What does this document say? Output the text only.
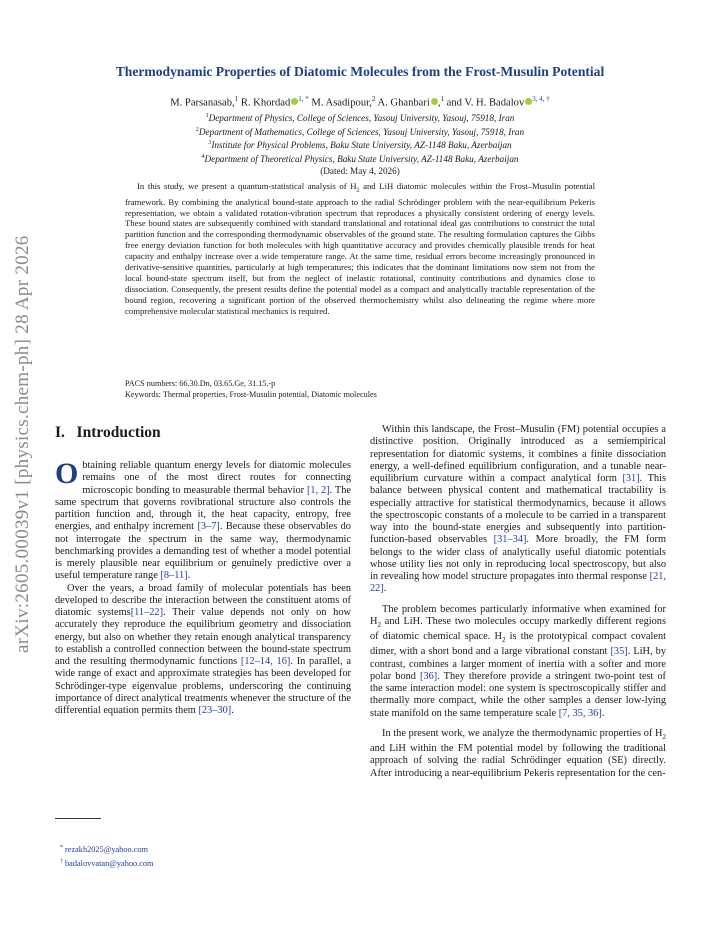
arXiv:2605.00039v1 [physics.chem-ph] 28 Apr 2026
Thermodynamic Properties of Diatomic Molecules from the Frost-Musulin Potential
M. Parsanasab,$^1$ R. Khordad $^{1, *}$ M. Asadipour,$^2$ A. Ghanbari ,$^1$ and V. H. Badalov $^{3, 4, \dagger}$
$^1$Department of Physics, College of Sciences, Yasouj University, Yasouj, 75918, Iran
$^2$Department of Mathematics, College of Sciences, Yasouj University, Yasouj, 75918, Iran
$^3$Institute for Physical Problems, Baku State University, AZ-1148 Baku, Azerbaijan
$^4$Department of Theoretical Physics, Baku State University, AZ-1148 Baku, Azerbaijan
(Dated: May 4, 2026)

In this study, we present a quantum-statistical analysis of $H_2$ and LiH diatomic molecules within the Frost–Musulin potential framework. By combining the analytical bound-state approach to the radial Schrödinger problem with the near-equilibrium Pekeris representation, we obtain a validated rotation-vibration spectrum that reproduces a physically consistent ordering of energy levels. These bound states are subsequently combined with standard translational and rotational ideal gas contributions to construct the total partition function and the corresponding thermodynamic observables of the ground state. The resulting formulation captures the Gibbs free energy deviation function for both molecules with high quantitative accuracy and provides chemically plausible trends for heat capacity and enthalpy increase over a wide temperature range. At the same time, residual errors become increasingly pronounced in derivative-sensitive quantities, particularly at high temperatures; this indicates that the dominant limitations now stem not from the local bound-state spectrum itself, but from the neglect of inelastic rotational, continuity contributions and dynamics close to dissociation. Consequently, the present results define the potential model as a compact and analytically tractable representation of the bound region, recovering a significant portion of the observed thermochemistry whilst also delineating the regime where more comprehensive molecular statistical mechanics is required.

PACS numbers: 66.30.Dn, 03.65.Ge, 31.15.-p
Keywords: Thermal properties, Frost-Musulin potential, Diatomic molecules
I. Introduction

Obtaining reliable quantum energy levels for diatomic molecules remains one of the most direct routes for connecting microscopic bonding to measurable thermal behavior [1, 2]. The same spectrum that governs rovibrational structure also controls the partition function and, through it, the heat capacity, entropy, free energies, and enthalpy increment [3–7]. Because these observables do not interrogate the spectrum in the same way, thermodynamic benchmarking provides a demanding test of whether a model potential is merely plausible near equilibrium or genuinely predictive over a useful temperature range [8–11].

Over the years, a broad family of molecular potentials has been developed to describe the interaction between the constituent atoms of diatomic systems[11–22]. Their value depends not only on how accurately they reproduce the equilibrium geometry and dissociation energy, but also on whether they retain enough analytical transparency to establish a controlled connection between the bound-state spectrum and the resulting thermodynamic functions [12–14, 16]. In parallel, a wide range of exact and approximate strategies has been developed for Schrödinger-type eigenvalue problems, underscoring the continuing importance of direct analytical treatments whenever the structure of the differential equation permits them [23–30].

Within this landscape, the Frost–Musulin (FM) potential occupies a distinctive position. Originally introduced as a semiempirical representation for diatomic systems, it combines a finite dissociation energy, a well-defined equilibrium configuration, and a tunable near-equilibrium curvature within a compact analytical form [31]. This balance between physical content and mathematical tractability is especially attractive for statistical thermodynamics, because it allows the spectroscopic constants of a molecule to be carried in a transparent way into the bound-state energies and subsequently into partition-function-based observables [31–34]. More broadly, the FM form belongs to the wider class of analytically useful diatomic potentials whose utility lies not only in reproducing local spectroscopy, but also in revealing how model structure propagates into thermal response [21, 22].

The problem becomes particularly informative when examined for $H_2$ and LiH. These two molecules occupy markedly different regions of diatomic chemical space. $H_2$ is the prototypical compact covalent dimer, with a short bond and a large vibrational constant [35]. LiH, by contrast, combines a larger moment of inertia with a softer and more polar bond [36]. They therefore provide a stringent two-point test of the same interaction model: one system is spectroscopically stiffer and thermally more compact, while the other samples a denser low-lying state manifold on the same temperature scale [7, 35, 36].

In the present work, we analyze the thermodynamic properties of $H_2$ and LiH within the FM potential model by following the traditional approach of solving the radial Schrödinger equation (SE) directly. After introducing a near-equilibrium Pekeris representation for the cen-

* rezakh2025@yahoo.com
† badalovvatan@yahoo.com
